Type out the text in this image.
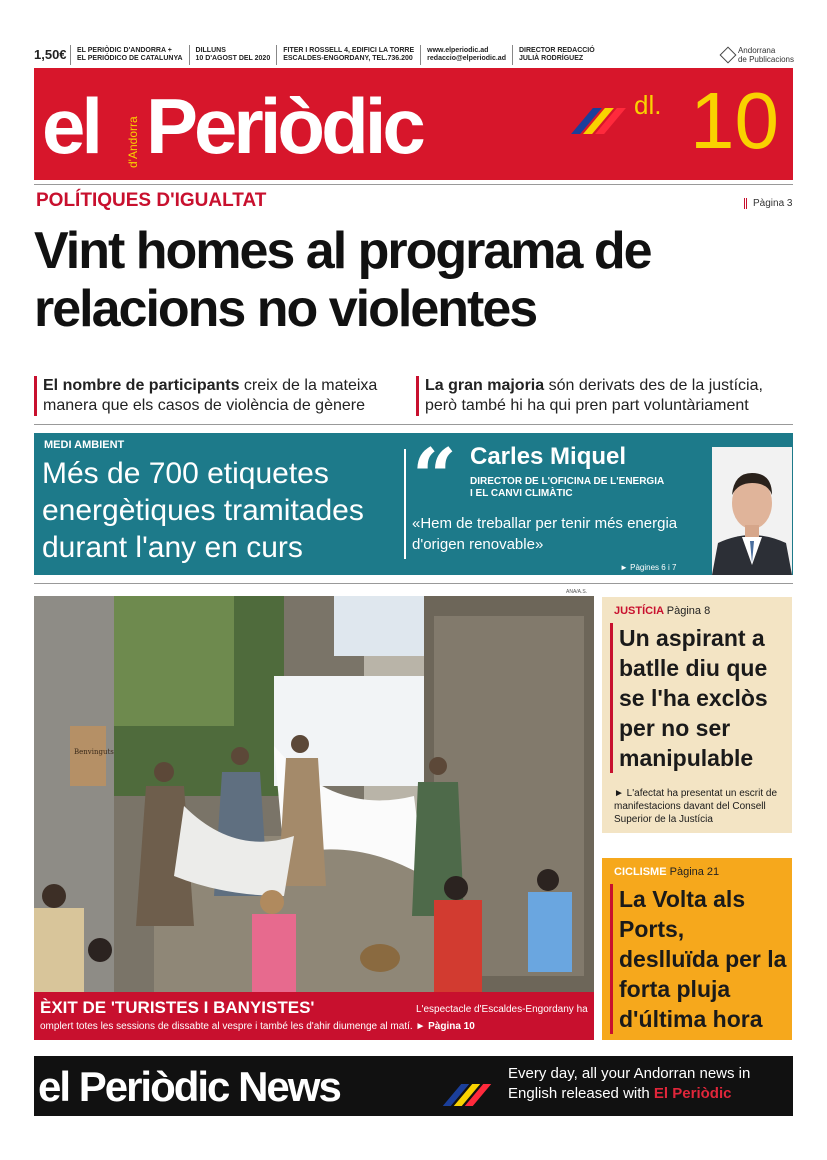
1,50€	EL PERIÒDIC D'ANDORRA +
EL PERIÓDICO DE CATALUNYA
DILLUNS
10 D'AGOST DEL 2020
FITER I ROSSELL 4, EDIFICI LA TORRE
ESCALDES-ENGORDANY, TEL.736.200
www.elperiodic.ad
redaccio@elperiodic.ad
DIRECTOR REDACCIÓ
JULIÀ RODRÍGUEZ
Andorrana
de Publicacions
el d'Andorra Periòdic	dl. 10
POLÍTIQUES D'IGUALTAT	Pàgina 3
Vint homes al programa de relacions no violentes
El nombre de participants creix de la mateixa manera que els casos de violència de gènere
La gran majoria són derivats des de la justícia, però també hi ha qui pren part voluntàriament
MEDI AMBIENT
Més de 700 etiquetes energètiques tramitades durant l'any en curs
“ Carles Miquel
DIRECTOR DE L'OFICINA DE L'ENERGIA
I EL CANVI CLIMÀTIC
«Hem de treballar per tenir més energia d'origen renovable»
► Pàgines 6 i 7
ANA/A.S.
Benvinguts
ÈXIT DE 'TURISTES I BANYISTES'	L'espectacle d'Escaldes-Engordany ha
omplert totes les sessions de dissabte al vespre i també les d'ahir diumenge al matí. ► Pàgina 10
JUSTÍCIA Pàgina 8
Un aspirant a batlle diu que se l'ha exclòs per no ser manipulable
► L'afectat ha presentat un escrit de manifestacions davant del Consell Superior de la Justícia
CICLISME Pàgina 21
La Volta als Ports, deslluïda per la forta pluja d'última hora
el Periòdic News	Every day, all your Andorran news in English released with El Periòdic
